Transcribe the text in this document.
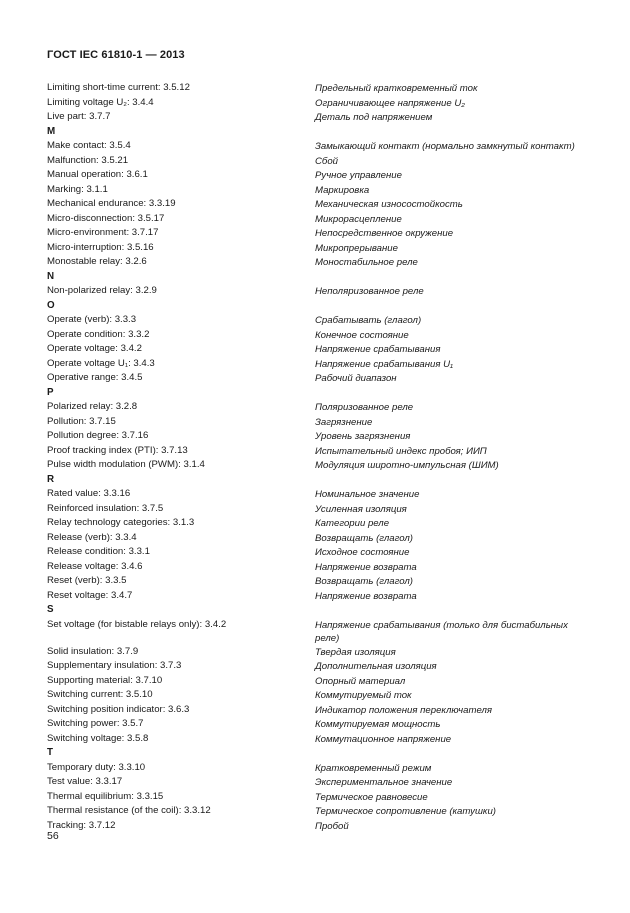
ГОСТ IEC 61810-1 — 2013
Limiting short-time current: 3.5.12	Предельный кратковременный ток
Limiting voltage U₂: 3.4.4	Ограничивающее напряжение U₂
Live part: 3.7.7	Деталь под напряжением
M
Make contact: 3.5.4	Замыкающий контакт (нормально замкнутый контакт)
Malfunction: 3.5.21	Сбой
Manual operation: 3.6.1	Ручное управление
Marking: 3.1.1	Маркировка
Mechanical endurance: 3.3.19	Механическая износостойкость
Micro-disconnection: 3.5.17	Микрорасцепление
Micro-environment: 3.7.17	Непосредственное окружение
Micro-interruption: 3.5.16	Микропрерывание
Monostable relay: 3.2.6	Моностабильное реле
N
Non-polarized relay: 3.2.9	Неполяризованное реле
O
Operate (verb): 3.3.3	Срабатывать (глагол)
Operate condition: 3.3.2	Конечное состояние
Operate voltage: 3.4.2	Напряжение срабатывания
Operate voltage U₁: 3.4.3	Напряжение срабатывания U₁
Operative range: 3.4.5	Рабочий диапазон
P
Polarized relay: 3.2.8	Поляризованное реле
Pollution: 3.7.15	Загрязнение
Pollution degree: 3.7.16	Уровень загрязнения
Proof tracking index (PTI): 3.7.13	Испытательный индекс пробоя; ИИП
Pulse width modulation (PWM): 3.1.4	Модуляция широтно-импульсная (ШИМ)
R
Rated value: 3.3.16	Номинальное значение
Reinforced insulation: 3.7.5	Усиленная изоляция
Relay technology categories: 3.1.3	Категории реле
Release (verb): 3.3.4	Возвращать (глагол)
Release condition: 3.3.1	Исходное состояние
Release voltage: 3.4.6	Напряжение возврата
Reset (verb): 3.3.5	Возвращать (глагол)
Reset voltage: 3.4.7	Напряжение возврата
S
Set voltage (for bistable relays only): 3.4.2	Напряжение срабатывания (только для бистабильных реле)
Solid insulation: 3.7.9	Твердая изоляция
Supplementary insulation: 3.7.3	Дополнительная изоляция
Supporting material: 3.7.10	Опорный материал
Switching current: 3.5.10	Коммутируемый ток
Switching position indicator: 3.6.3	Индикатор положения переключателя
Switching power: 3.5.7	Коммутируемая мощность
Switching voltage: 3.5.8	Коммутационное напряжение
T
Temporary duty: 3.3.10	Кратковременный режим
Test value: 3.3.17	Экспериментальное значение
Thermal equilibrium: 3.3.15	Термическое равновесие
Thermal resistance (of the coil): 3.3.12	Термическое сопротивление (катушки)
Tracking: 3.7.12	Пробой
56
